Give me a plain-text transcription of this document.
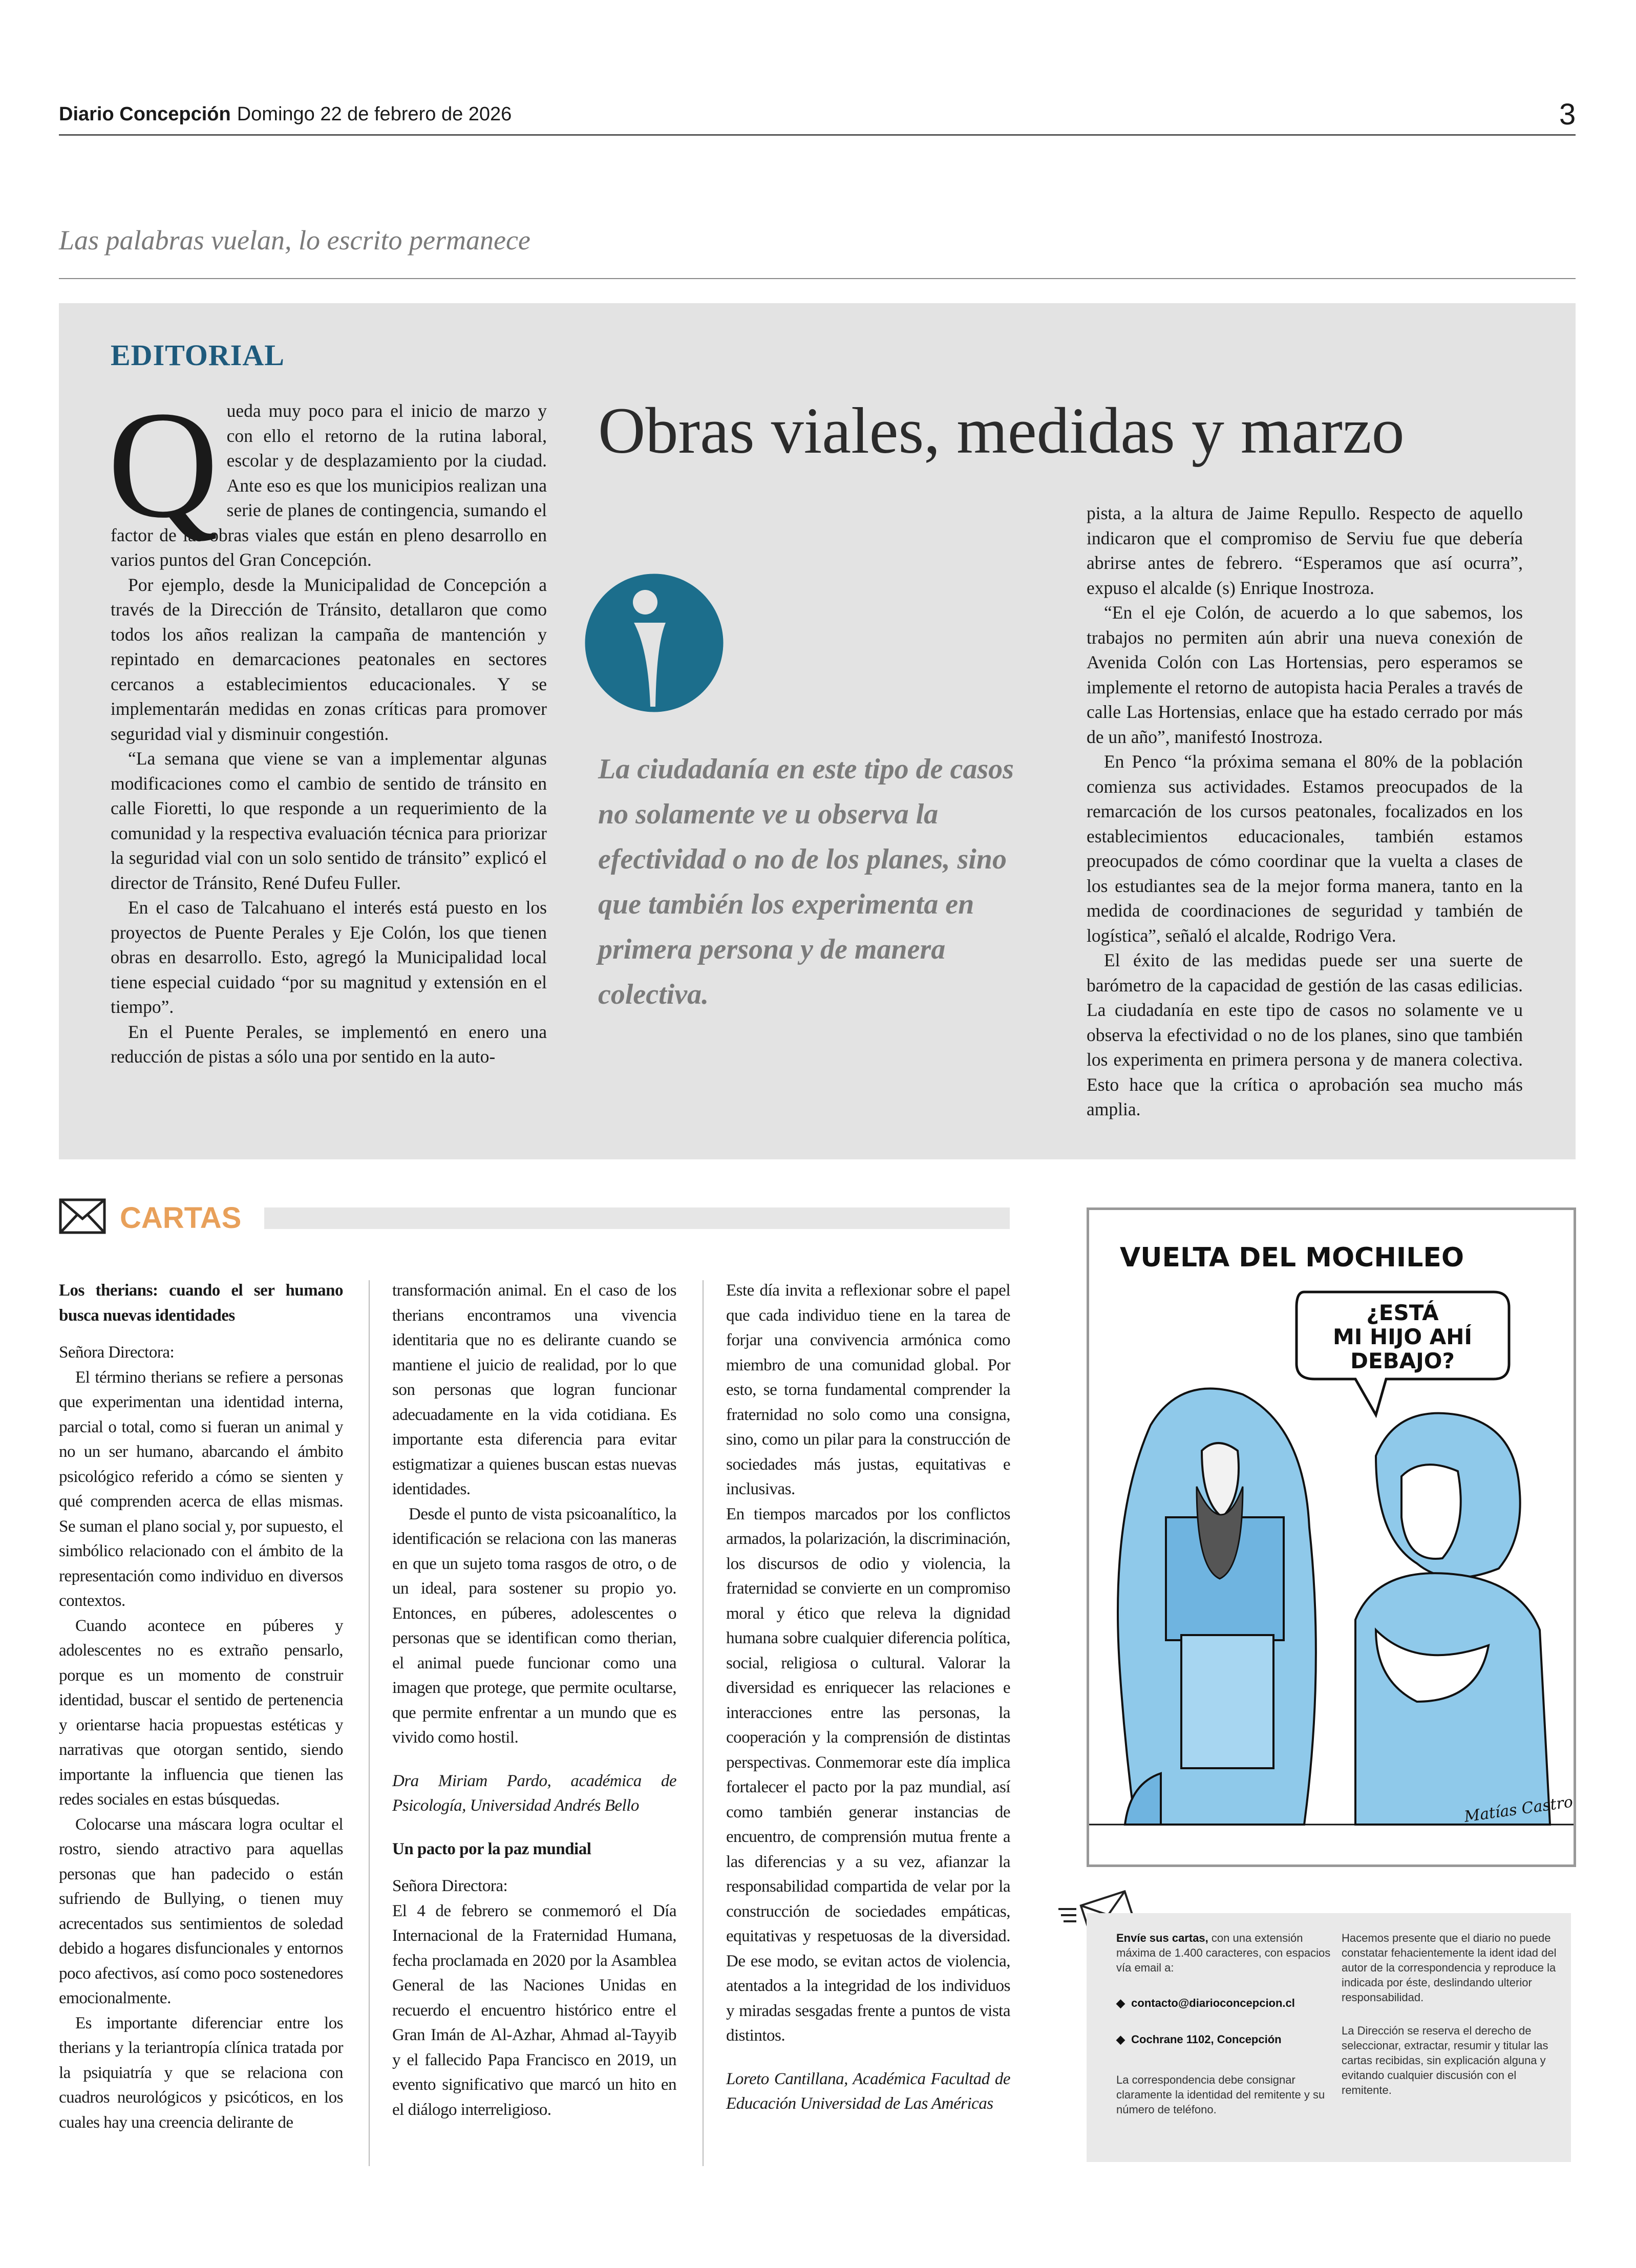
Diario Concepción Domingo 22 de febrero de 2026	3
Las palabras vuelan, lo escrito permanece
EDITORIAL

Queda muy poco para el inicio de marzo y con ello el retorno de la rutina laboral, escolar y de desplazamiento por la ciudad. Ante eso es que los municipios realizan una serie de planes de contingencia, sumando el factor de las obras viales que están en pleno desarrollo en varios puntos del Gran Concepción.

Por ejemplo, desde la Municipalidad de Concepción a través de la Dirección de Tránsito, detallaron que como todos los años realizan la campaña de mantención y repintado en demarcaciones peatonales en sectores cercanos a establecimientos educacionales. Y se implementarán medidas en zonas críticas para promover seguridad vial y disminuir congestión.

“La semana que viene se van a implementar algunas modificaciones como el cambio de sentido de tránsito en calle Fioretti, lo que responde a un requerimiento de la comunidad y la respectiva evaluación técnica para priorizar la seguridad vial con un solo sentido de tránsito” explicó el director de Tránsito, René Dufeu Fuller.

En el caso de Talcahuano el interés está puesto en los proyectos de Puente Perales y Eje Colón, los que tienen obras en desarrollo. Esto, agregó la Municipalidad local tiene especial cuidado “por su magnitud y extensión en el tiempo”.

En el Puente Perales, se implementó en enero una reducción de pistas a sólo una por sentido en la auto-

Obras viales, medidas y marzo
La ciudadanía en este tipo de casos no solamente ve u observa la efectividad o no de los planes, sino que también los experimenta en primera persona y de manera colectiva.

pista, a la altura de Jaime Repullo. Respecto de aquello indicaron que el compromiso de Serviu fue que debería abrirse antes de febrero. “Esperamos que así ocurra”, expuso el alcalde (s) Enrique Inostroza.

“En el eje Colón, de acuerdo a lo que sabemos, los trabajos no permiten aún abrir una nueva conexión de Avenida Colón con Las Hortensias, pero esperamos se implemente el retorno de autopista hacia Perales a través de calle Las Hortensias, enlace que ha estado cerrado por más de un año”, manifestó Inostroza.

En Penco “la próxima semana el 80% de la población comienza sus actividades. Estamos preocupados de la remarcación de los cursos peatonales, focalizados en los establecimientos educacionales, también estamos preocupados de cómo coordinar que la vuelta a clases de los estudiantes sea de la mejor forma manera, tanto en la medida de coordinaciones de seguridad y también de logística”, señaló el alcalde, Rodrigo Vera.

El éxito de las medidas puede ser una suerte de barómetro de la capacidad de gestión de las casas edilicias. La ciudadanía en este tipo de casos no solamente ve u observa la efectividad o no de los planes, sino que también los experimenta en primera persona y de manera colectiva. Esto hace que la crítica o aprobación sea mucho más amplia.

CARTAS

Los therians: cuando el ser humano busca nuevas identidades

Señora Directora:

El término therians se refiere a personas que experimentan una identidad interna, parcial o total, como si fueran un animal y no un ser humano, abarcando el ámbito psicológico referido a cómo se sienten y qué comprenden acerca de ellas mismas. Se suman el plano social y, por supuesto, el simbólico relacionado con el ámbito de la representación como individuo en diversos contextos.

Cuando acontece en púberes y adolescentes no es extraño pensarlo, porque es un momento de construir identidad, buscar el sentido de pertenencia y orientarse hacia propuestas estéticas y narrativas que otorgan sentido, siendo importante la influencia que tienen las redes sociales en estas búsquedas.

Colocarse una máscara logra ocultar el rostro, siendo atractivo para aquellas personas que han padecido o están sufriendo de Bullying, o tienen muy acrecentados sus sentimientos de soledad debido a hogares disfuncionales y entornos poco afectivos, así como poco sostenedores emocionalmente.

Es importante diferenciar entre los therians y la teriantropía clínica tratada por la psiquiatría y que se relaciona con cuadros neurológicos y psicóticos, en los cuales hay una creencia delirante de

transformación animal. En el caso de los therians encontramos una vivencia identitaria que no es delirante cuando se mantiene el juicio de realidad, por lo que son personas que logran funcionar adecuadamente en la vida cotidiana. Es importante esta diferencia para evitar estigmatizar a quienes buscan estas nuevas identidades.

Desde el punto de vista psicoanalítico, la identificación se relaciona con las maneras en que un sujeto toma rasgos de otro, o de un ideal, para sostener su propio yo. Entonces, en púberes, adolescentes o personas que se identifican como therian, el animal puede funcionar como una imagen que protege, que permite ocultarse, que permite enfrentar a un mundo que es vivido como hostil.

Dra Miriam Pardo, académica de Psicología, Universidad Andrés Bello

Un pacto por la paz mundial

Señora Directora:

El 4 de febrero se conmemoró el Día Internacional de la Fraternidad Humana, fecha proclamada en 2020 por la Asamblea General de las Naciones Unidas en recuerdo el encuentro histórico entre el Gran Imán de Al-Azhar, Ahmad al-Tayyib y el fallecido Papa Francisco en 2019, un evento significativo que marcó un hito en el diálogo interreligioso.

Este día invita a reflexionar sobre el papel que cada individuo tiene en la tarea de forjar una convivencia armónica como miembro de una comunidad global. Por esto, se torna fundamental comprender la fraternidad no solo como una consigna, sino, como un pilar para la construcción de sociedades más justas, equitativas e inclusivas.

En tiempos marcados por los conflictos armados, la polarización, la discriminación, los discursos de odio y violencia, la fraternidad se convierte en un compromiso moral y ético que releva la dignidad humana sobre cualquier diferencia política, social, religiosa o cultural. Valorar la diversidad es enriquecer las relaciones e interacciones entre las personas, la cooperación y la comprensión de distintas perspectivas. Conmemorar este día implica fortalecer el pacto por la paz mundial, así como también generar instancias de encuentro, de comprensión mutua frente a las diferencias y a su vez, afianzar la responsabilidad compartida de velar por la construcción de sociedades empáticas, equitativas y respetuosas de la diversidad. De ese modo, se evitan actos de violencia, atentados a la integridad de los individuos y miradas sesgadas frente a puntos de vista distintos.

Loreto Cantillana, Académica Facultad de Educación Universidad de Las Américas

VUELTA DEL MOCHILEO
¿ESTÁ
MI HIJO AHÍ
DEBAJO?
Matías Castro
Envíe sus cartas, con una extensión máxima de 1.400 caracteres, con espacios vía email a:
◆  contacto@diarioconcepcion.cl
◆  Cochrane 1102, Concepción
La correspondencia debe consignar claramente la identidad del remitente y su número de teléfono.
Hacemos presente que el diario no puede constatar fehacientemente la ident idad del autor de la correspondencia y reproduce la indicada por éste, deslindando ulterior responsabilidad.
La Dirección se reserva el derecho de seleccionar, extractar, resumir y titular las cartas recibidas, sin explicación alguna y evitando cualquier discusión con el remitente.
